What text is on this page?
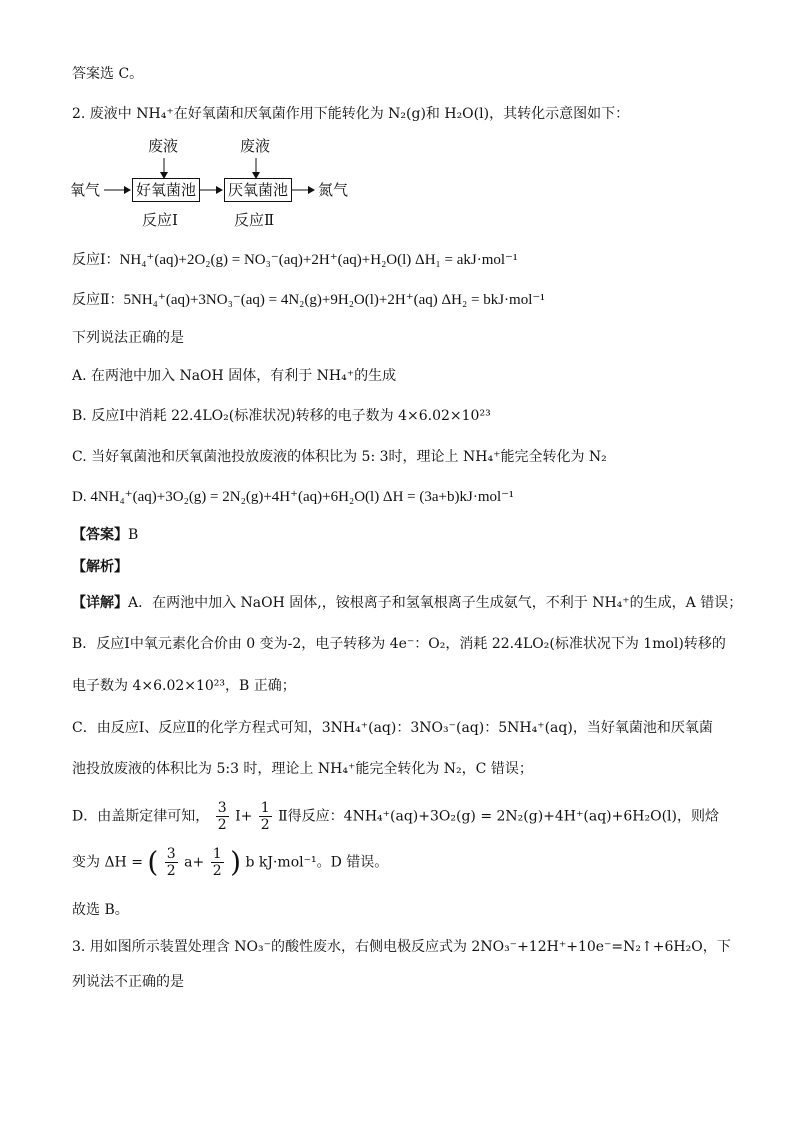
答案选 C。
2. 废液中 NH₄⁺在好氧菌和厌氧菌作用下能转化为 N₂(g)和 H₂O(l)，其转化示意图如下：
废液	废液
氧气 好氧菌池 厌氧菌池 氮气
反应Ⅰ	反应Ⅱ
反应Ⅰ：NH₄⁺(aq)+2O₂(g) = NO₃⁻(aq)+2H⁺(aq)+H₂O(l) ΔH₁ = akJ·mol⁻¹
反应Ⅱ：5NH₄⁺(aq)+3NO₃⁻(aq) = 4N₂(g)+9H₂O(l)+2H⁺(aq) ΔH₂ = bkJ·mol⁻¹
下列说法正确的是
A. 在两池中加入 NaOH 固体，有利于 NH₄⁺的生成
B. 反应Ⅰ中消耗 22.4LO₂(标准状况)转移的电子数为 4×6.02×10²³
C. 当好氧菌池和厌氧菌池投放废液的体积比为 5: 3时，理论上 NH₄⁺能完全转化为 N₂
D. 4NH₄⁺(aq)+3O₂(g) = 2N₂(g)+4H⁺(aq)+6H₂O(l) ΔH = (3a+b)kJ·mol⁻¹
【答案】B
【解析】
【详解】A．在两池中加入 NaOH 固体,，铵根离子和氢氧根离子生成氨气，不利于 NH₄⁺的生成，A 错误；
B．反应Ⅰ中氧元素化合价由 0 变为-2，电子转移为 4e⁻：O₂，消耗 22.4LO₂(标准状况下为 1mol)转移的
电子数为 4×6.02×10²³，B 正确；
C．由反应Ⅰ、反应Ⅱ的化学方程式可知，3NH₄⁺(aq)：3NO₃⁻(aq)：5NH₄⁺(aq)，当好氧菌池和厌氧菌
池投放废液的体积比为 5:3 时，理论上 NH₄⁺能完全转化为 N₂，C 错误；
D．由盖斯定律可知， $\frac{3}{2}$ Ⅰ+ $\frac{1}{2}$ Ⅱ得反应：4NH₄⁺(aq)+3O₂(g) = 2N₂(g)+4H⁺(aq)+6H₂O(l)，则焓
变为 ΔH = ( $\frac{3}{2} a+ \frac{1}{2}$ ) b kJ·mol⁻¹。D 错误。
故选 B。
3. 用如图所示装置处理含 NO₃⁻的酸性废水，右侧电极反应式为 2NO₃⁻+12H⁺+10e⁻=N₂↑+6H₂O，下
列说法不正确的是
